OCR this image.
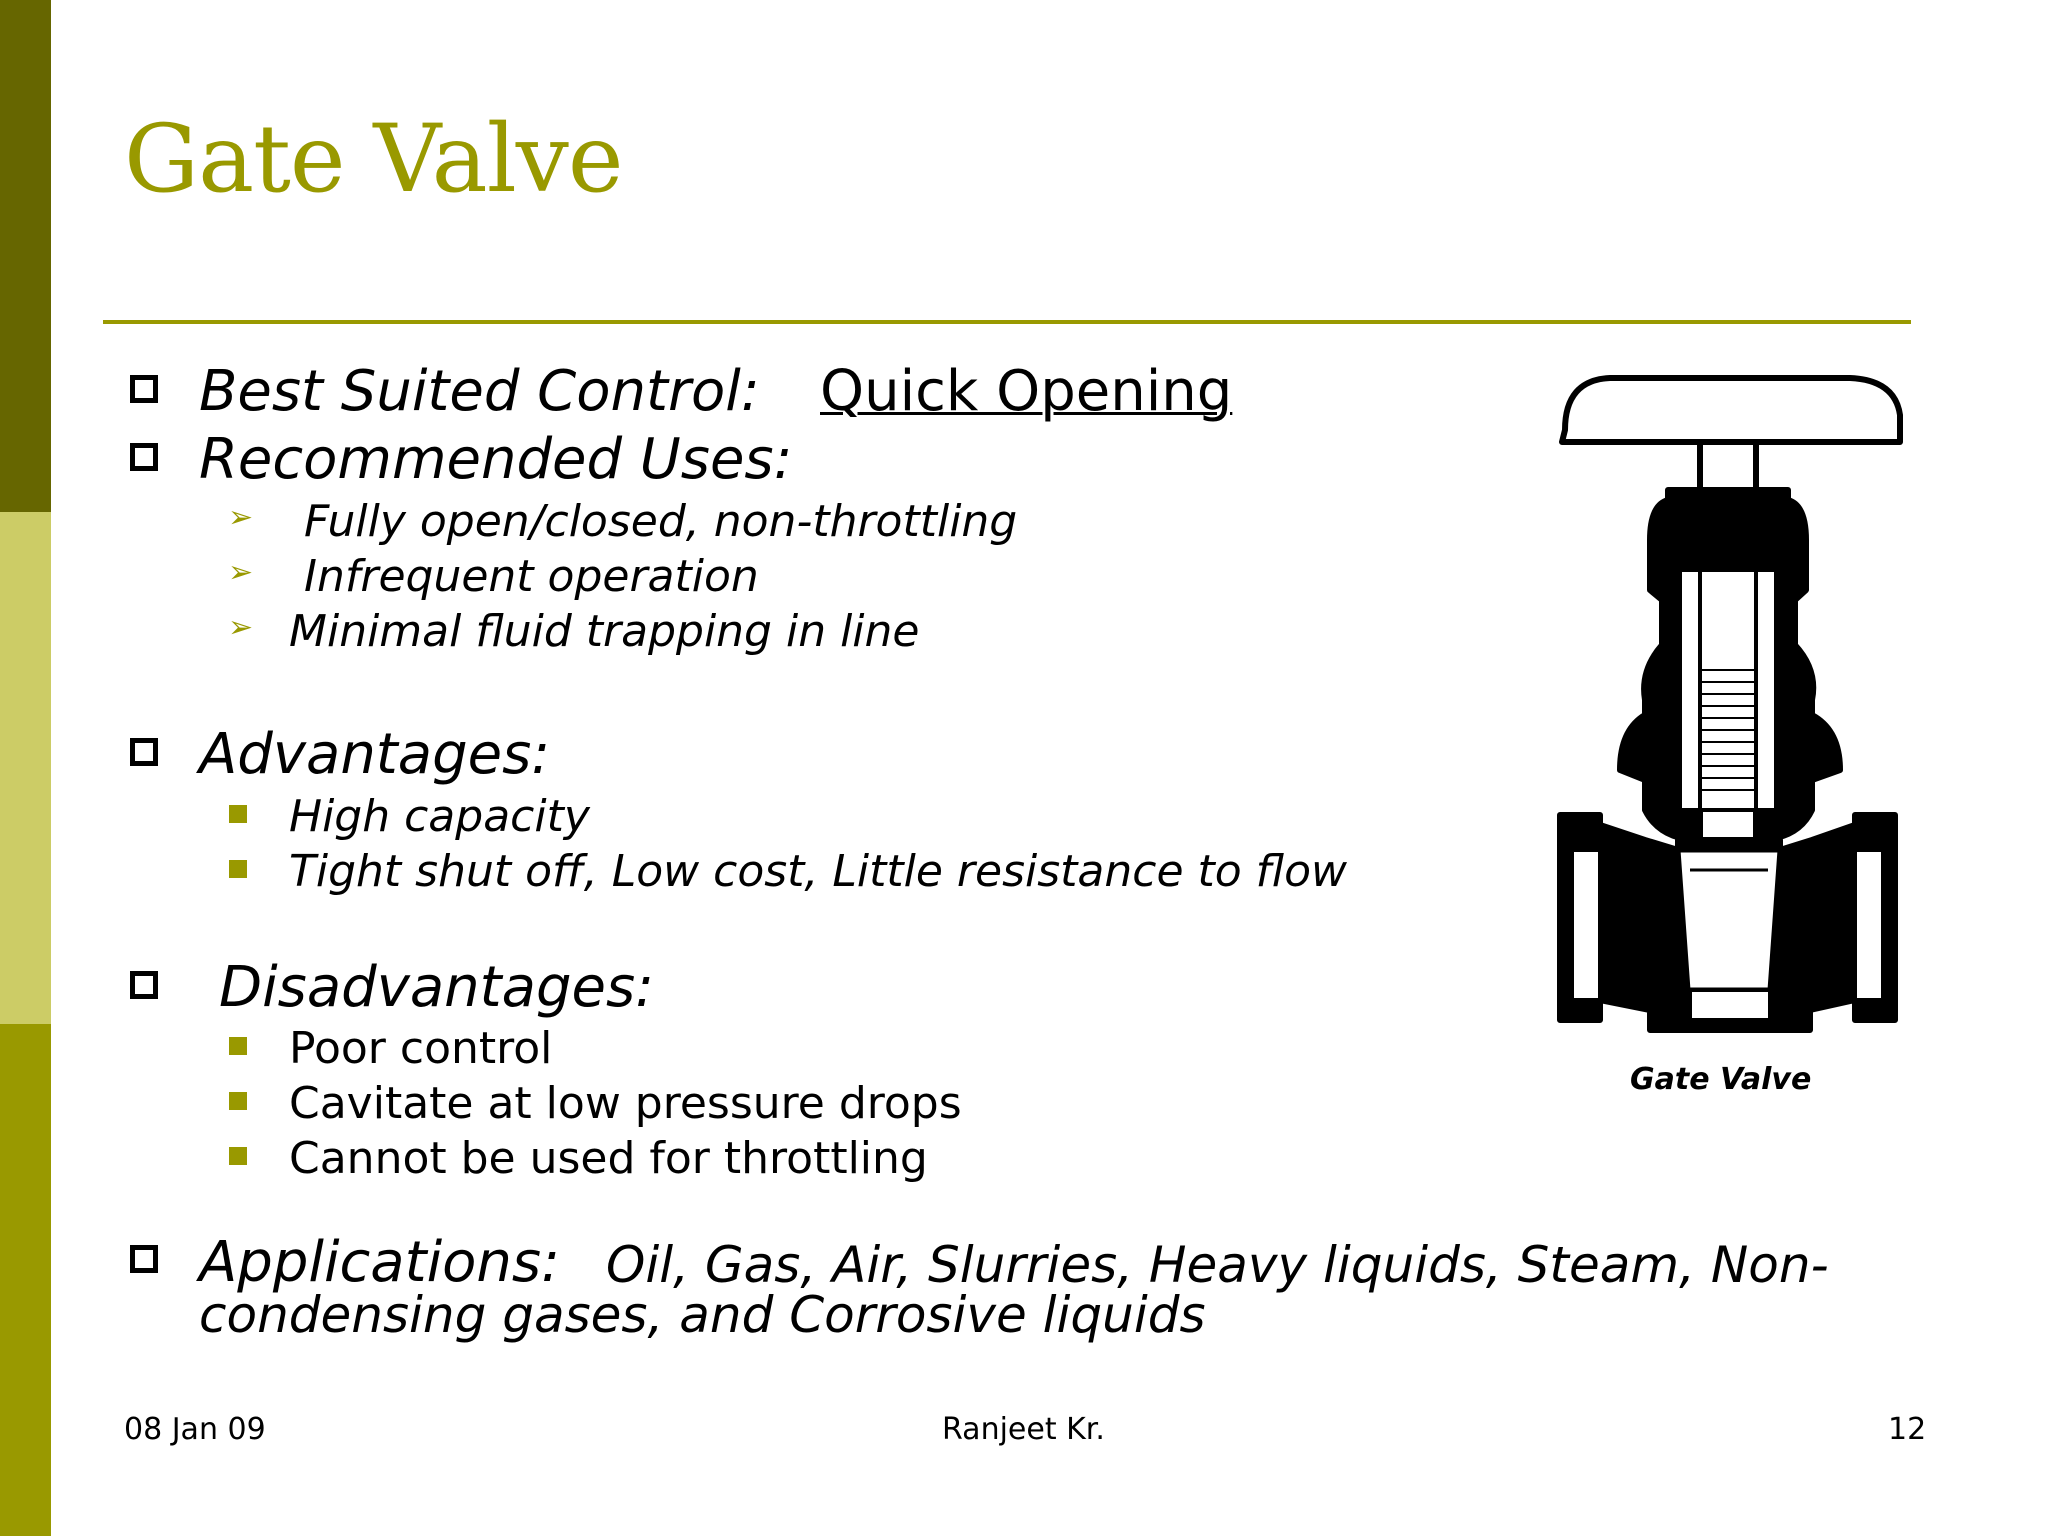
Gate Valve
Best Suited Control: Quick Opening
Recommended Uses:
➢ Fully open/closed, non-throttling
➢ Infrequent operation
➢ Minimal fluid trapping in line
Advantages:
High capacity
Tight shut off, Low cost, Little resistance to flow
Disadvantages:
Poor control
Cavitate at low pressure drops
Cannot be used for throttling
Applications: Oil, Gas, Air, Slurries, Heavy liquids, Steam, Non-
condensing gases, and Corrosive liquids
Gate Valve
08 Jan 09	Ranjeet Kr.	12
